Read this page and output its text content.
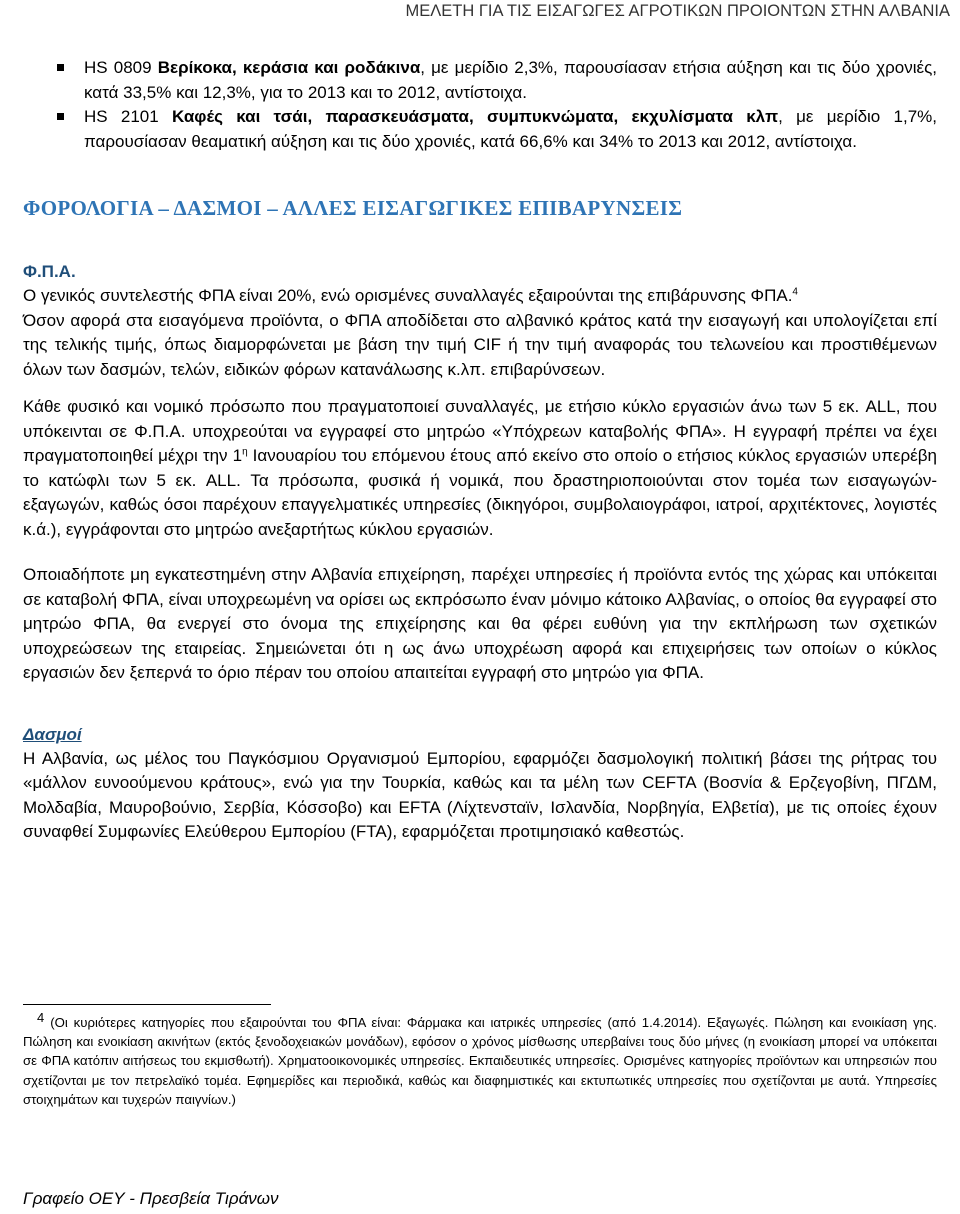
ΜΕΛΕΤΗ ΓΙΑ ΤΙΣ ΕΙΣΑΓΩΓΕΣ ΑΓΡΟΤΙΚΩΝ ΠΡΟΙΟΝΤΩΝ ΣΤΗΝ ΑΛΒΑΝΙΑ
HS 0809 Βερίκοκα, κεράσια και ροδάκινα, με μερίδιο 2,3%, παρουσίασαν ετήσια αύξηση και τις δύο χρονιές, κατά 33,5% και 12,3%, για το 2013 και το 2012, αντίστοιχα.
HS 2101 Καφές και τσάι, παρασκευάσματα, συμπυκνώματα, εκχυλίσματα κλπ, με μερίδιο 1,7%, παρουσίασαν θεαματική αύξηση και τις δύο χρονιές, κατά 66,6% και 34% το 2013 και 2012, αντίστοιχα.
ΦΟΡΟΛΟΓΙΑ – ΔΑΣΜΟΙ – ΑΛΛΕΣ ΕΙΣΑΓΩΓΙΚΕΣ ΕΠΙΒΑΡΥΝΣΕΙΣ
Φ.Π.Α.

Ο γενικός συντελεστής ΦΠΑ είναι 20%, ενώ ορισμένες συναλλαγές εξαιρούνται της επιβάρυνσης ΦΠΑ.$^4$

Όσον αφορά στα εισαγόμενα προϊόντα, ο ΦΠΑ αποδίδεται στο αλβανικό κράτος κατά την εισαγωγή και υπολογίζεται επί της τελικής τιμής, όπως διαμορφώνεται με βάση την τιμή CIF ή την τιμή αναφοράς του τελωνείου και προστιθέμενων όλων των δασμών, τελών, ειδικών φόρων κατανάλωσης κ.λπ. επιβαρύνσεων.

Κάθε φυσικό και νομικό πρόσωπο που πραγματοποιεί συναλλαγές, με ετήσιο κύκλο εργασιών άνω των 5 εκ. ALL, που υπόκεινται σε Φ.Π.Α. υποχρεούται να εγγραφεί στο μητρώο «Υπόχρεων καταβολής ΦΠΑ». Η εγγραφή πρέπει να έχει πραγματοποιηθεί μέχρι την 1$^\eta$ Ιανουαρίου του επόμενου έτους από εκείνο στο οποίο ο ετήσιος κύκλος εργασιών υπερέβη το κατώφλι των 5 εκ. ALL. Τα πρόσωπα, φυσικά ή νομικά, που δραστηριοποιούνται στον τομέα των εισαγωγών-εξαγωγών, καθώς όσοι παρέχουν επαγγελματικές υπηρεσίες (δικηγόροι, συμβολαιογράφοι, ιατροί, αρχιτέκτονες, λογιστές κ.ά.), εγγράφονται στο μητρώο ανεξαρτήτως κύκλου εργασιών.

Οποιαδήποτε μη εγκατεστημένη στην Αλβανία επιχείρηση, παρέχει υπηρεσίες ή προϊόντα εντός της χώρας και υπόκειται σε καταβολή ΦΠΑ, είναι υποχρεωμένη να ορίσει ως εκπρόσωπο έναν μόνιμο κάτοικο Αλβανίας, ο οποίος θα εγγραφεί στο μητρώο ΦΠΑ, θα ενεργεί στο όνομα της επιχείρησης και θα φέρει ευθύνη για την εκπλήρωση των σχετικών υποχρεώσεων της εταιρείας. Σημειώνεται ότι η ως άνω υποχρέωση αφορά και επιχειρήσεις των οποίων ο κύκλος εργασιών δεν ξεπερνά το όριο πέραν του οποίου απαιτείται εγγραφή στο μητρώο για ΦΠΑ.

Δασμοί

Η Αλβανία, ως μέλος του Παγκόσμιου Οργανισμού Εμπορίου, εφαρμόζει δασμολογική πολιτική βάσει της ρήτρας του «μάλλον ευνοούμενου κράτους», ενώ για την Τουρκία, καθώς και τα μέλη των CEFTA (Βοσνία & Ερζεγοβίνη, ΠΓΔΜ, Μολδαβία, Μαυροβούνιο, Σερβία, Κόσσοβο) και EFTA (Λίχτενσταϊν, Ισλανδία, Νορβηγία, Ελβετία), με τις οποίες έχουν συναφθεί Συμφωνίες Ελεύθερου Εμπορίου (FTA), εφαρμόζεται προτιμησιακό καθεστώς.

4 (Οι κυριότερες κατηγορίες που εξαιρούνται του ΦΠΑ είναι: Φάρμακα και ιατρικές υπηρεσίες (από 1.4.2014). Εξαγωγές. Πώληση και ενοικίαση γης. Πώληση και ενοικίαση ακινήτων (εκτός ξενοδοχειακών μονάδων), εφόσον ο χρόνος μίσθωσης υπερβαίνει τους δύο μήνες (η ενοικίαση μπορεί να υπόκειται σε ΦΠΑ κατόπιν αιτήσεως του εκμισθωτή). Χρηματοοικονομικές υπηρεσίες. Εκπαιδευτικές υπηρεσίες. Ορισμένες κατηγορίες προϊόντων και υπηρεσιών που σχετίζονται με τον πετρελαϊκό τομέα. Εφημερίδες και περιοδικά, καθώς και διαφημιστικές και εκτυπωτικές υπηρεσίες που σχετίζονται με αυτά. Υπηρεσίες στοιχημάτων και τυχερών παιγνίων.)
Γραφείο ΟΕΥ - Πρεσβεία Τιράνων
